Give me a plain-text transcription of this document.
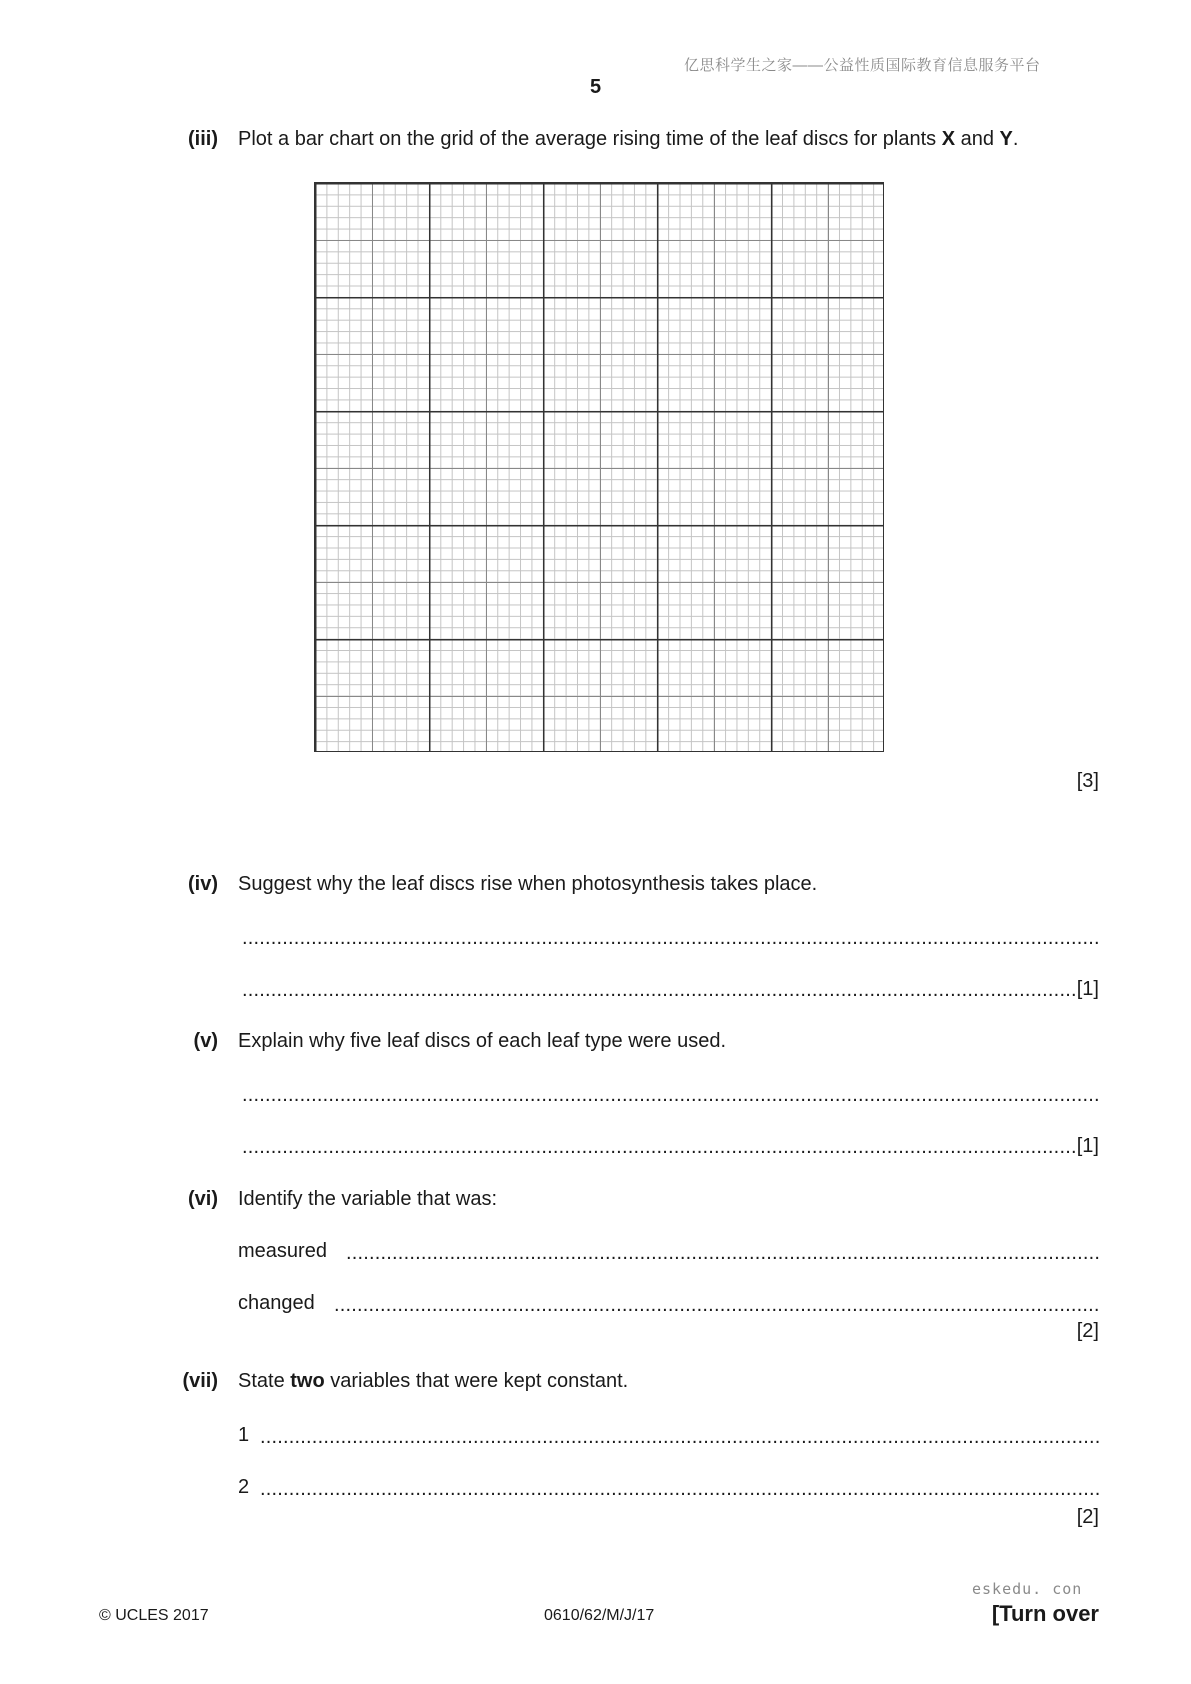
亿思科学生之家——公益性质国际教育信息服务平台
5
(iii) Plot a bar chart on the grid of the average rising time of the leaf discs for plants X and Y.
[3]
(iv) Suggest why the leaf discs rise when photosynthesis takes place.
.....
.....
[1]
(v) Explain why five leaf discs of each leaf type were used.
.....
.....
[1]
(vi) Identify the variable that was:
measured
.....
changed
.....
[2]
(vii) State two variables that were kept constant.
1
.....
2
.....
[2]
eskedu. con
© UCLES 2017	0610/62/M/J/17	[Turn over
